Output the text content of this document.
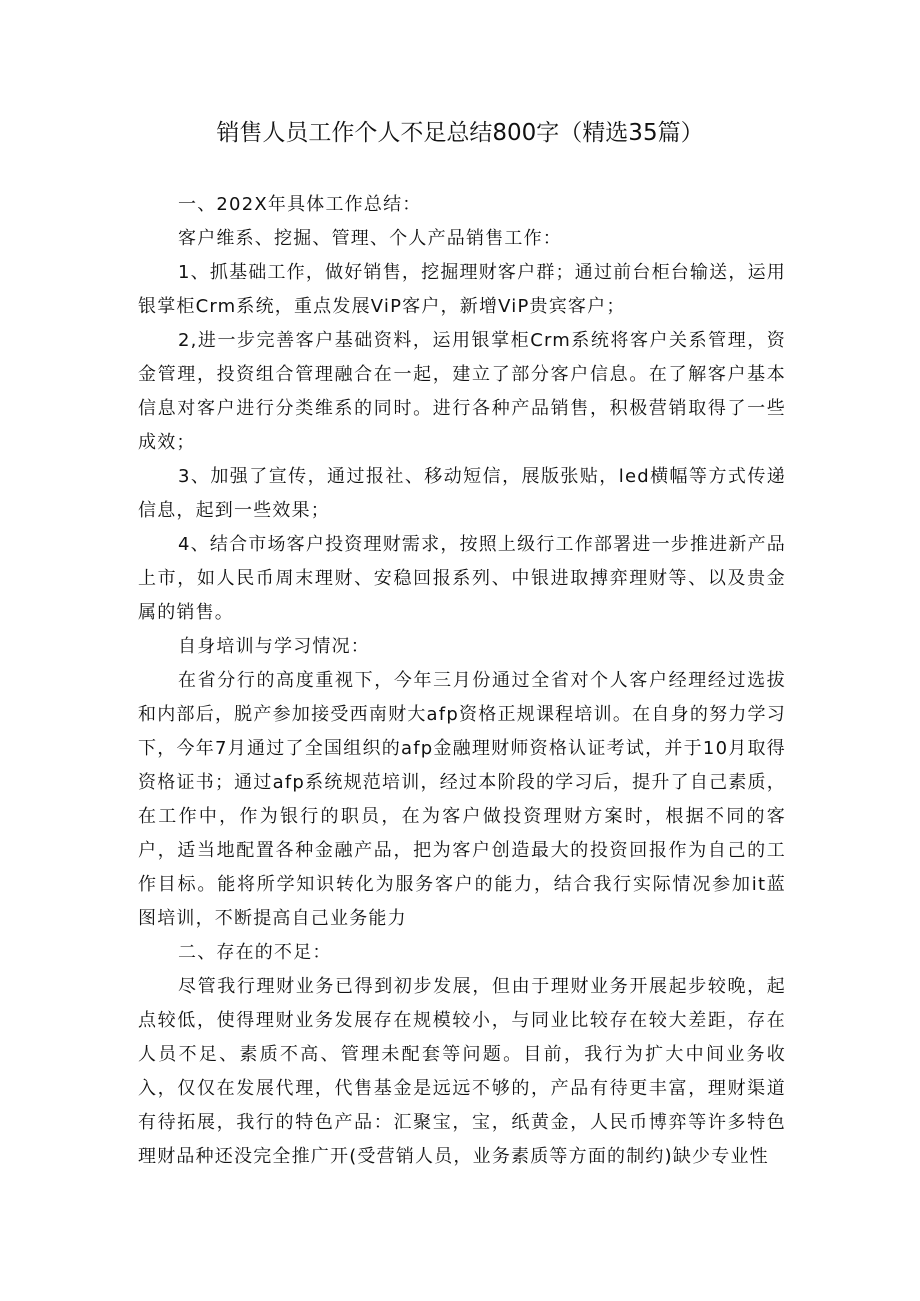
销售人员工作个人不足总结800字（精选35篇）

一、202X年具体工作总结：

客户维系、挖掘、管理、个人产品销售工作：

1、抓基础工作，做好销售，挖掘理财客户群；通过前台柜台输送，运用银掌柜Crm系统，重点发展ViP客户，新增ViP贵宾客户；

2,进一步完善客户基础资料，运用银掌柜Crm系统将客户关系管理，资金管理，投资组合管理融合在一起，建立了部分客户信息。在了解客户基本信息对客户进行分类维系的同时。进行各种产品销售，积极营销取得了一些成效；

3、加强了宣传，通过报社、移动短信，展版张贴，led横幅等方式传递信息，起到一些效果；

4、结合市场客户投资理财需求，按照上级行工作部署进一步推进新产品上市，如人民币周末理财、安稳回报系列、中银进取搏弈理财等、以及贵金属的销售。

自身培训与学习情况：

在省分行的高度重视下，今年三月份通过全省对个人客户经理经过选拔和内部后，脱产参加接受西南财大afp资格正规课程培训。在自身的努力学习下，今年7月通过了全国组织的afp金融理财师资格认证考试，并于10月取得资格证书；通过afp系统规范培训，经过本阶段的学习后，提升了自己素质，在工作中，作为银行的职员，在为客户做投资理财方案时，根据不同的客户，适当地配置各种金融产品，把为客户创造最大的投资回报作为自己的工作目标。能将所学知识转化为服务客户的能力，结合我行实际情况参加it蓝图培训，不断提高自己业务能力

二、存在的不足：

尽管我行理财业务已得到初步发展，但由于理财业务开展起步较晚，起点较低，使得理财业务发展存在规模较小，与同业比较存在较大差距，存在人员不足、素质不高、管理未配套等问题。目前，我行为扩大中间业务收入，仅仅在发展代理，代售基金是远远不够的，产品有待更丰富，理财渠道有待拓展，我行的特色产品：汇聚宝，宝，纸黄金，人民币博弈等许多特色理财品种还没完全推广开(受营销人员，业务素质等方面的制约)缺少专业性
